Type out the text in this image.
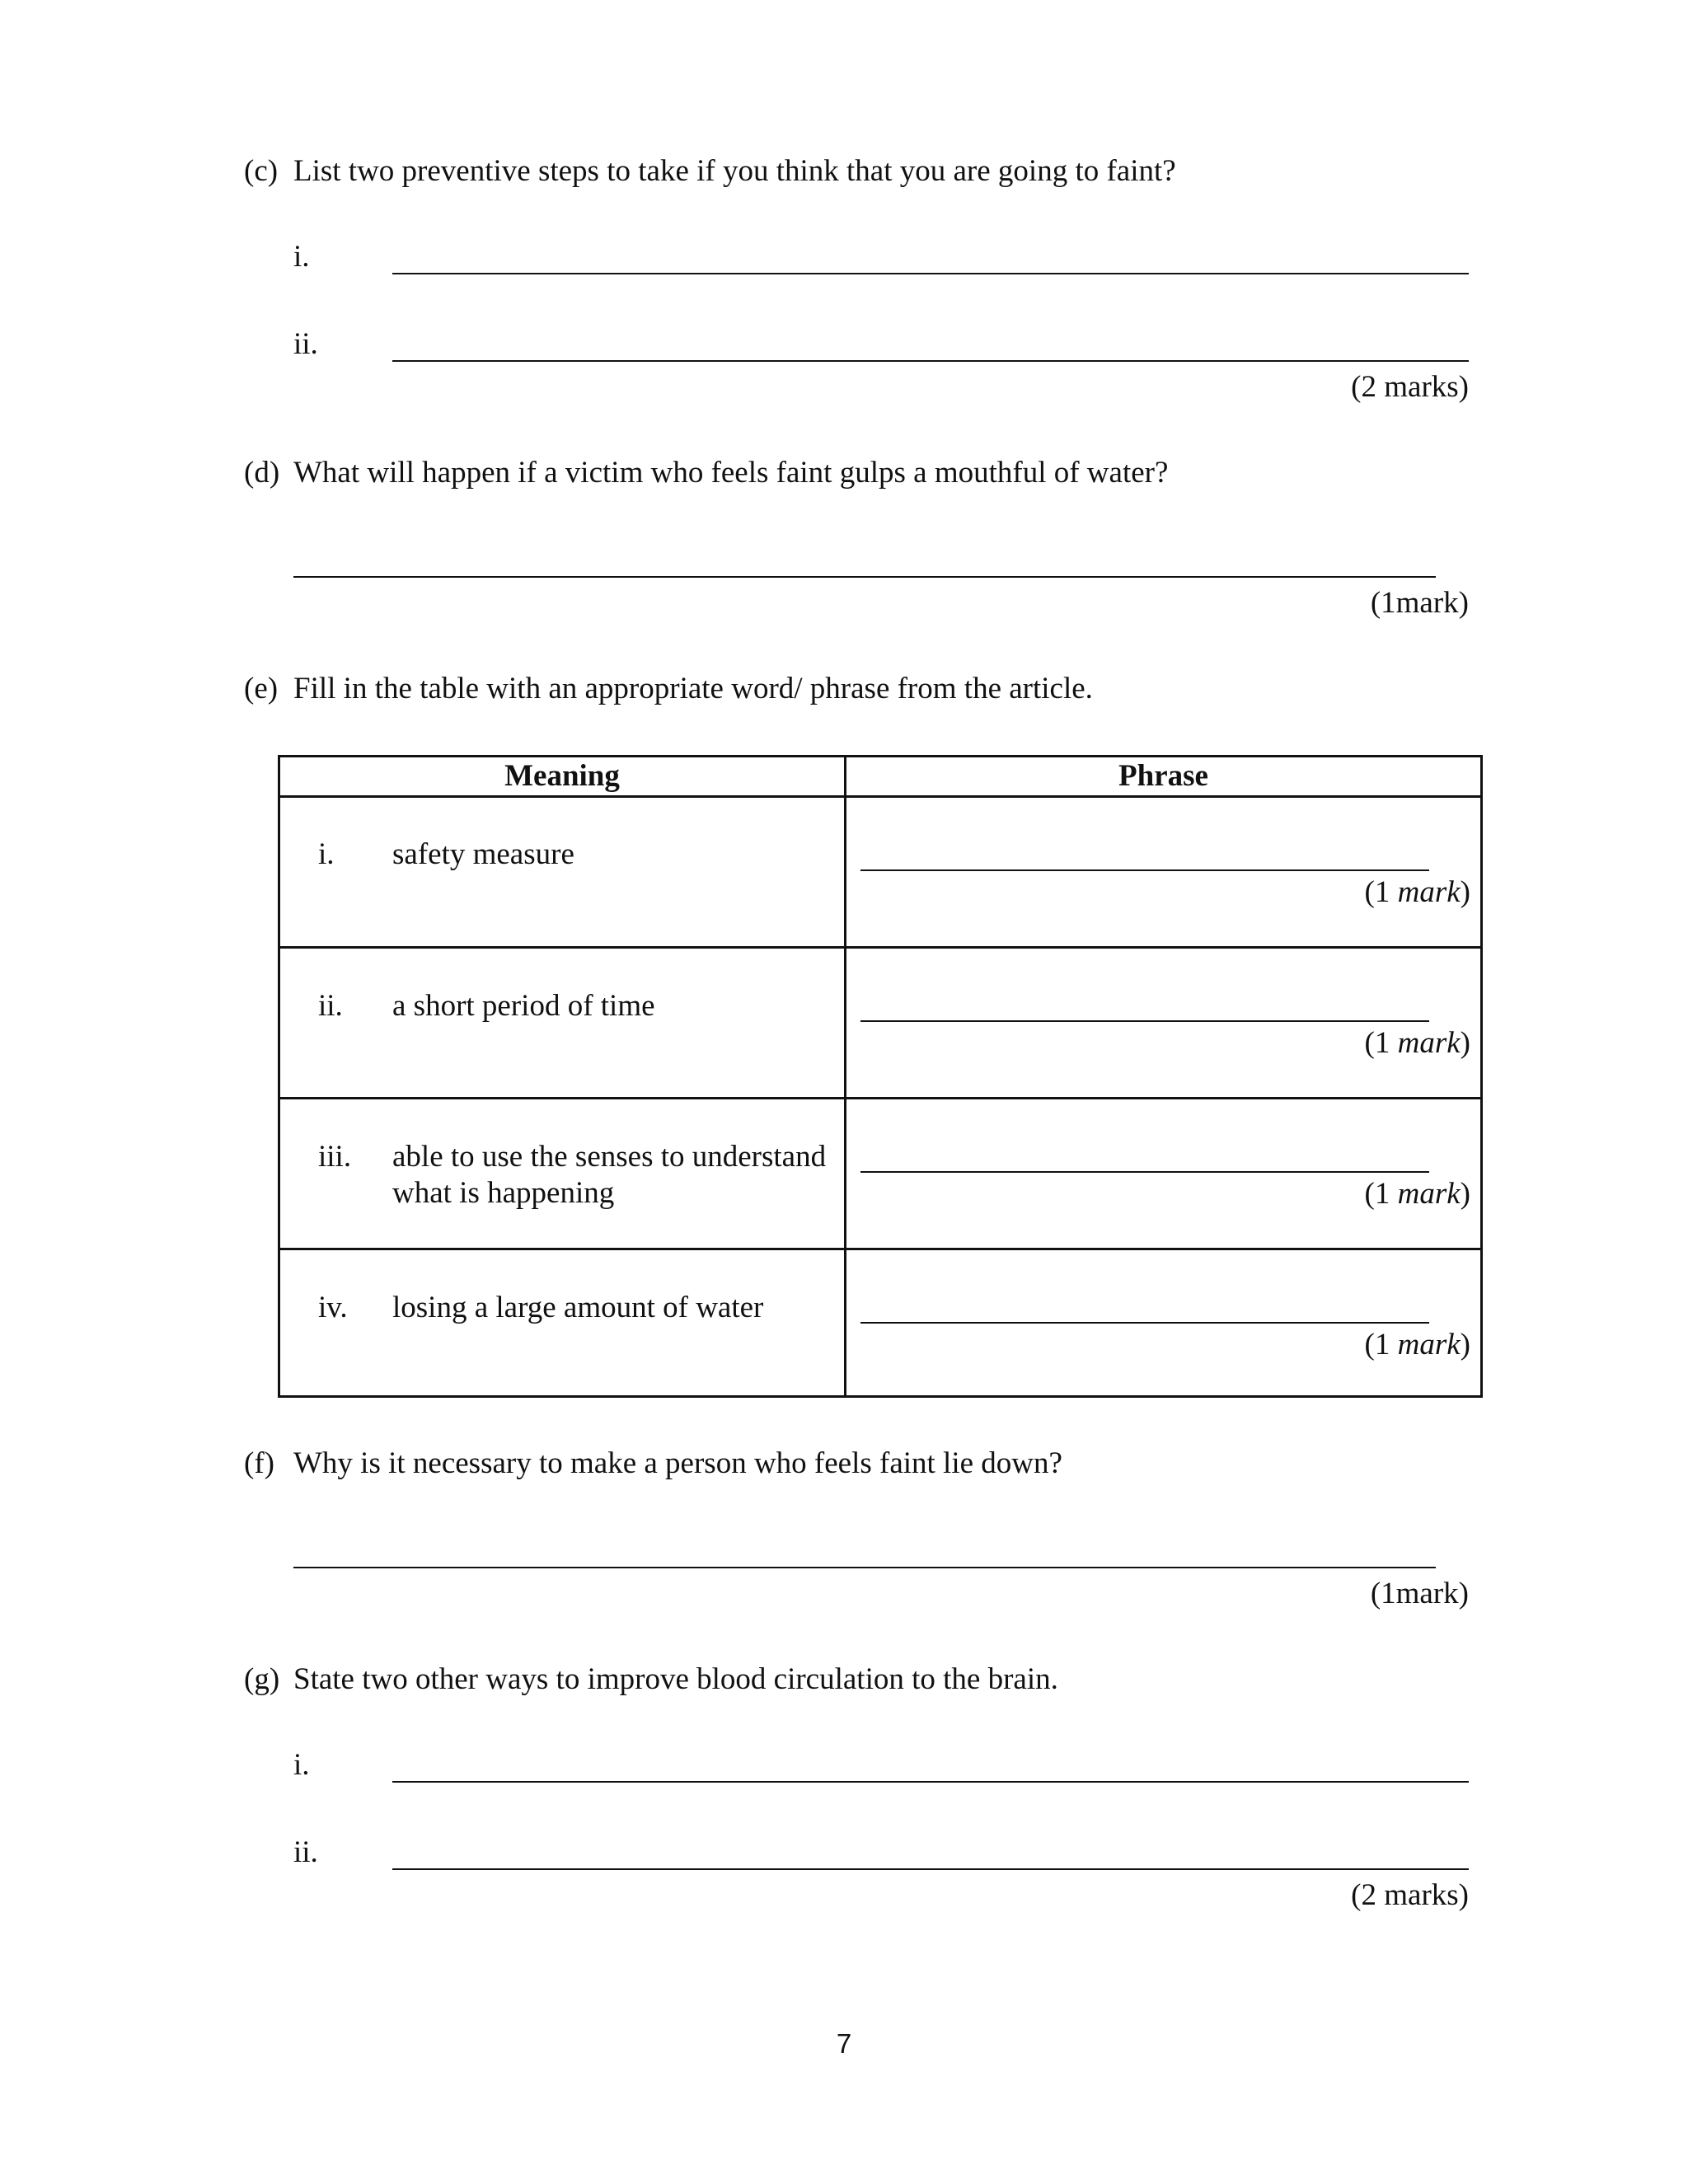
(c) List two preventive steps to take if you think that you are going to faint?
i.
ii.
(2 marks)
(d) What will happen if a victim who feels faint gulps a mouthful of water?
(1mark)
(e) Fill in the table with an appropriate word/ phrase from the article.
Meaning	Phrase
i. safety measure
(1 mark)
ii. a short period of time
(1 mark)
iii. able to use the senses to understand what is happening	(1 mark)
iv. losing a large amount of water
(1 mark)
(f) Why is it necessary to make a person who feels faint lie down?
(1mark)
(g) State two other ways to improve blood circulation to the brain.
i.
ii.
(2 marks)
7
